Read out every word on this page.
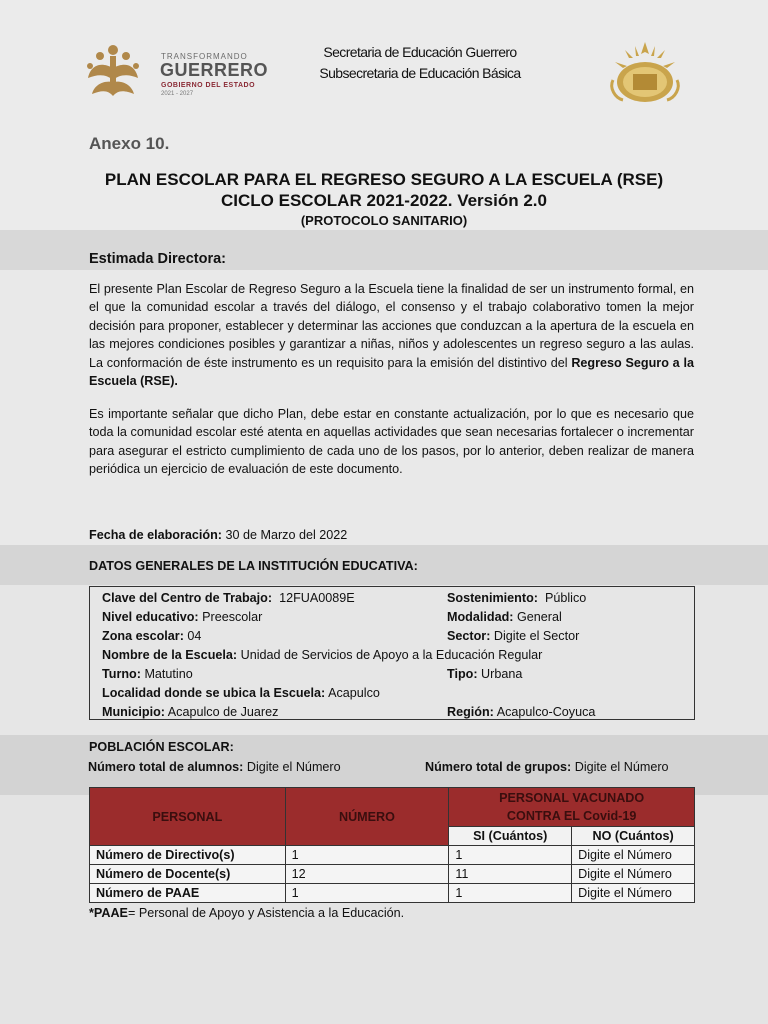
TRANSFORMANDO
GUERRERO
GOBIERNO DEL ESTADO
2021 - 2027
Secretaria de Educación Guerrero
Subsecretaria de Educación Básica
Anexo 10.
PLAN ESCOLAR PARA EL REGRESO SEGURO A LA ESCUELA (RSE)
CICLO ESCOLAR 2021-2022. Versión 2.0
(PROTOCOLO SANITARIO)
Estimada Directora:
El presente Plan Escolar de Regreso Seguro a la Escuela tiene la finalidad de ser un instrumento formal, en el que la comunidad escolar a través del diálogo, el consenso y el trabajo colaborativo tomen la mejor decisión para proponer, establecer y determinar las acciones que conduzcan a la apertura de la escuela en las mejores condiciones posibles y garantizar a niñas, niños y adolescentes un regreso seguro a las aulas. La conformación de éste instrumento es un requisito para la emisión del distintivo del Regreso Seguro a la Escuela (RSE).
Es importante señalar que dicho Plan, debe estar en constante actualización, por lo que es necesario que toda la comunidad escolar esté atenta en aquellas actividades que sean necesarias fortalecer o incrementar para asegurar el estricto cumplimiento de cada uno de los pasos, por lo anterior, deben realizar de manera periódica un ejercicio de evaluación de este documento.
Fecha de elaboración: 30 de Marzo del 2022
DATOS GENERALES DE LA INSTITUCIÓN EDUCATIVA:
Clave del Centro de Trabajo: 12FUA0089E	Sostenimiento: Público
Nivel educativo: Preescolar	Modalidad: General
Zona escolar: 04	Sector: Digite el Sector
Nombre de la Escuela: Unidad de Servicios de Apoyo a la Educación Regular
Turno: Matutino	Tipo: Urbana
Localidad donde se ubica la Escuela: Acapulco
Municipio: Acapulco de Juarez	Región: Acapulco-Coyuca
POBLACIÓN ESCOLAR:
Número total de alumnos: Digite el Número	Número total de grupos: Digite el Número
PERSONAL	NÚMERO	PERSONAL VACUNADO
CONTRA EL Covid-19	

		SI (Cuántos)	NO (Cuántos)
Número de Directivo(s)	1	1	Digite el Número
Número de Docente(s)	12	11	Digite el Número
Número de PAAE	1	1	Digite el Número
*PAAE= Personal de Apoyo y Asistencia a la Educación.
